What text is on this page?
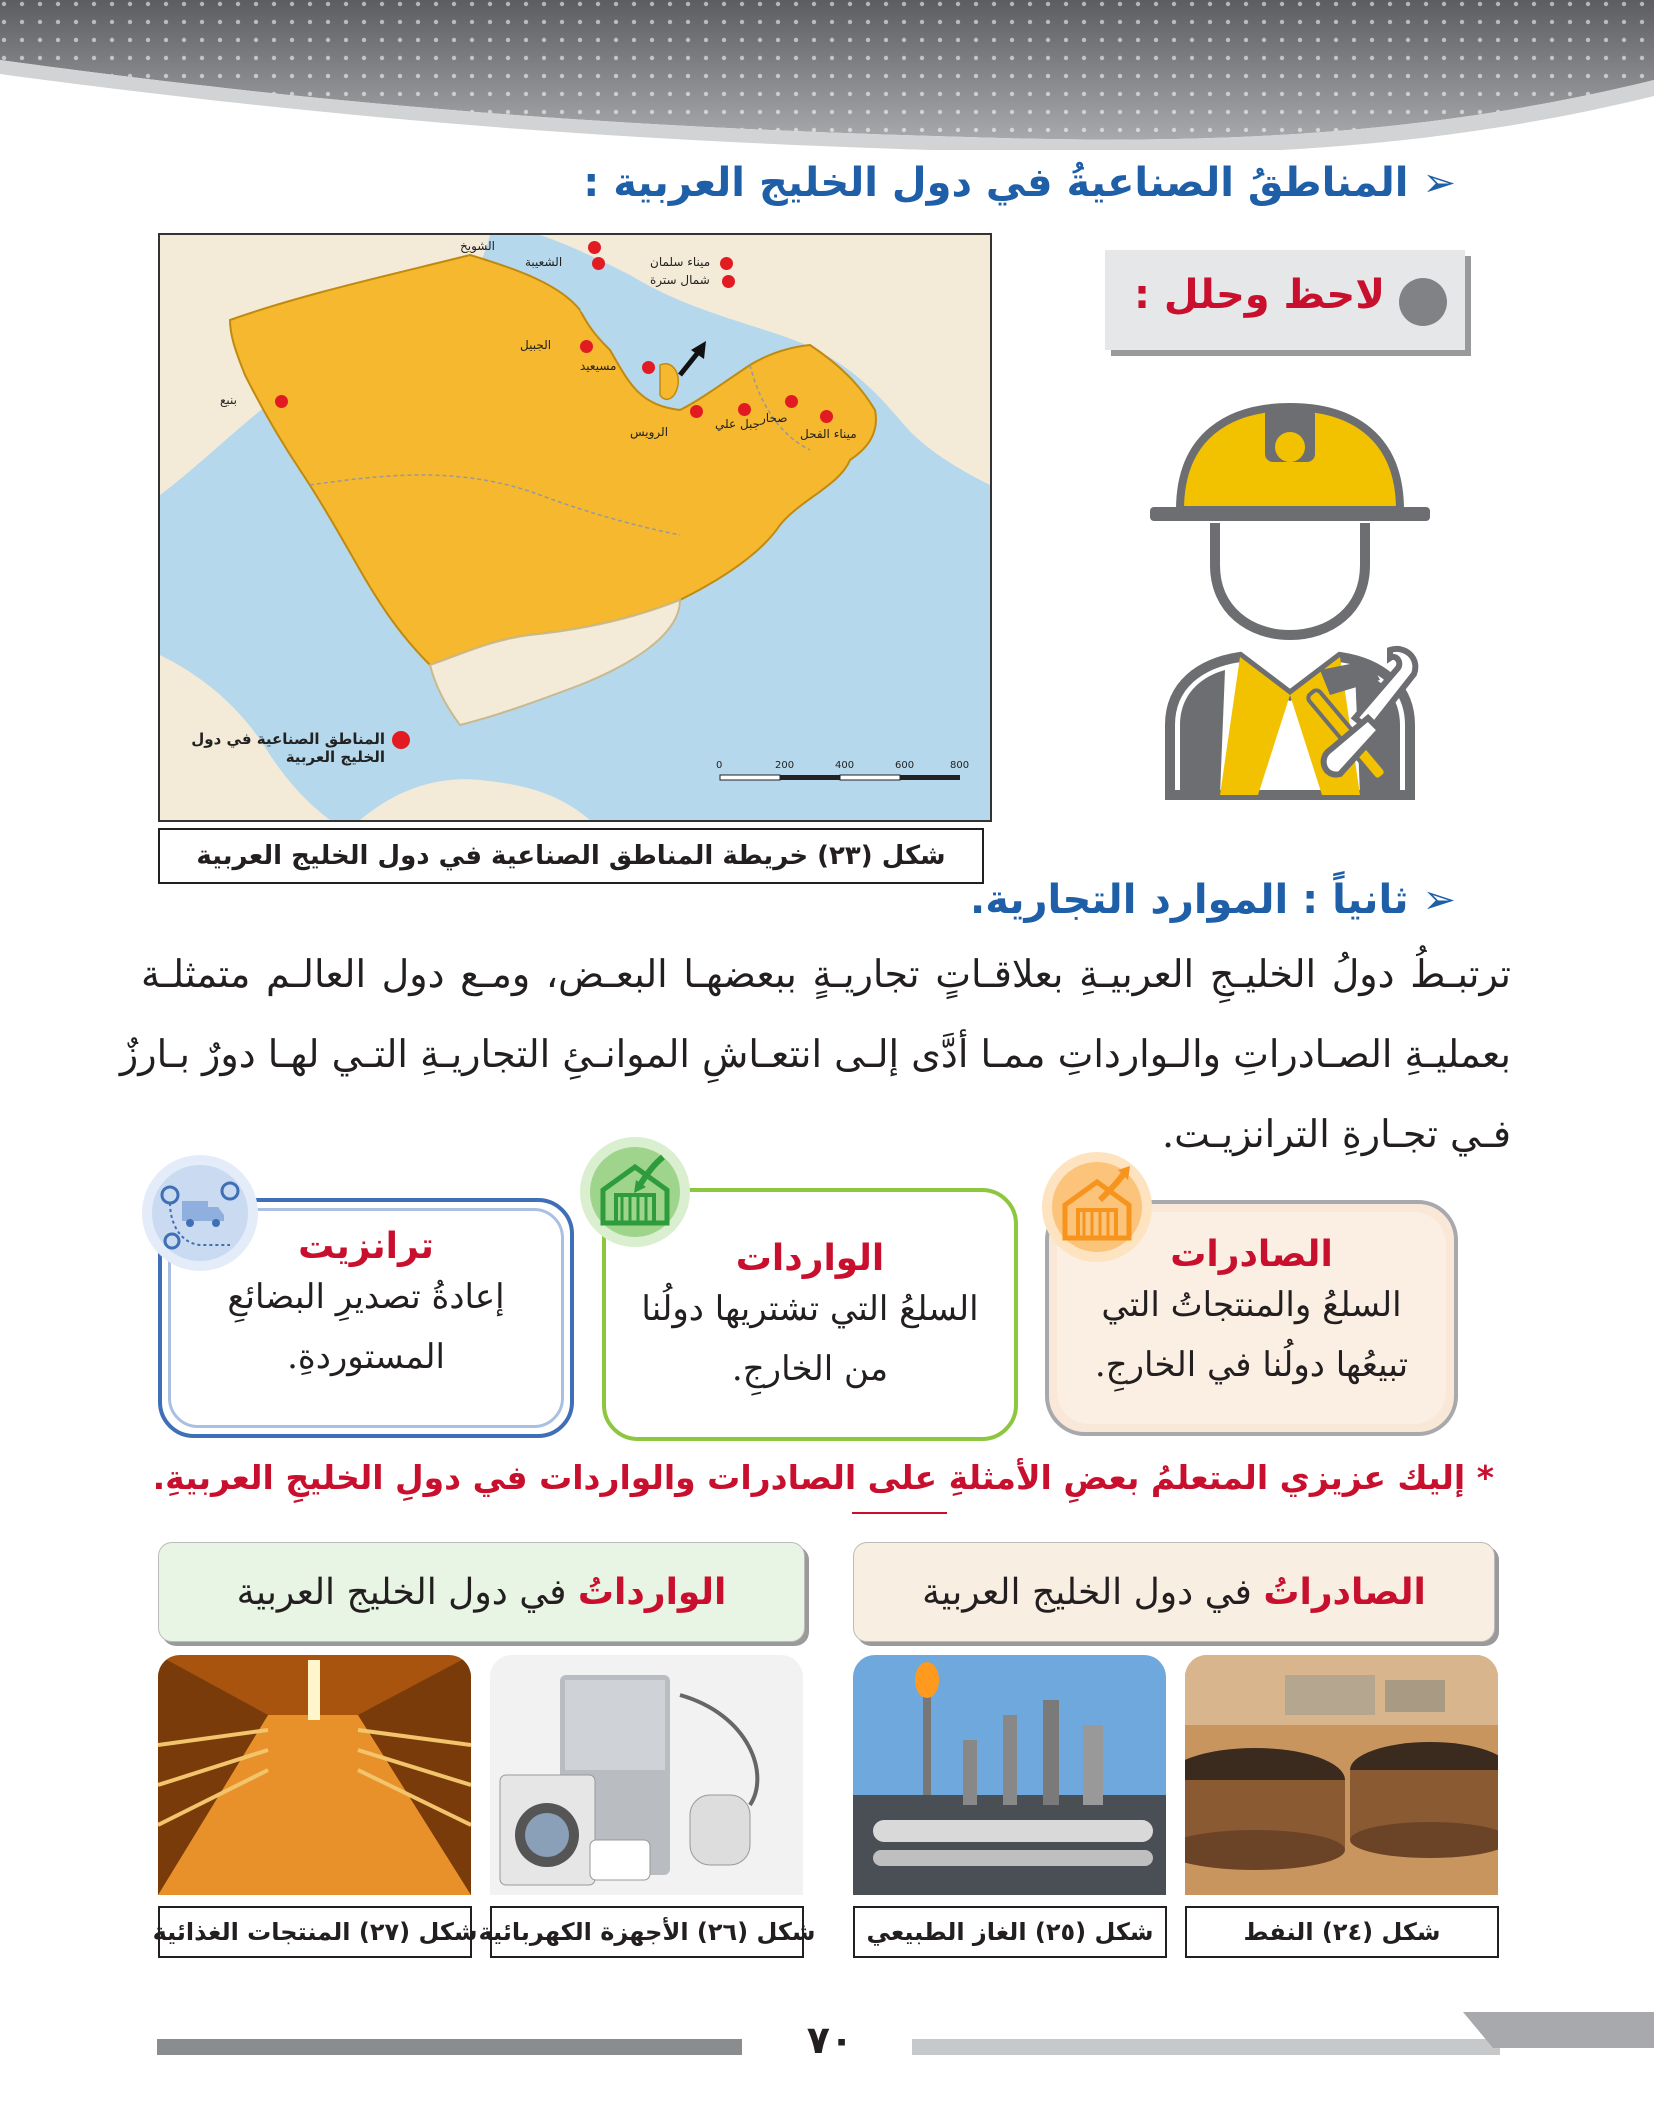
➢المناطقُ الصناعيةُ في دول الخليج العربية :
لاحظ وحلل :
الشويخ
الشعيبة	ميناء سلمان
شمال سترة
الجبيل
مسيعيد
بنبع
جبل علي
الرويس
صحار
ميناء الفحل
المناطق الصناعية في دول الخليج العربية	0	200	400	600	800
شكل (٢٣) خريطة المناطق الصناعية في دول الخليج العربية
➢ثانياً : الموارد التجارية.
ترتبـطُ دولُ الخليـجِ العربيـةِ بعلاقـاتٍ تجاريـةٍ ببعضهـا البعـض، ومـع دول العالـم متمثلـة
بعمليـةِ الصـادراتِ والـوارداتِ ممـا أدَّى إلـى انتعـاشِ الموانـئِ التجاريـةِ التـي لهـا دورٌ بـارزٌ
فـي تجـارةِ الترانزيـت.
الصادرات
السلعُ والمنتجاتُ التي
تبيعُها دولُنا في الخارجِ.
الواردات
السلعُ التي تشتريها دولُنا
من الخارجِ.
ترانزيت
إعادةُ تصديرِ البضائعِ
المستوردةِ.
* إليك عزيزي المتعلمُ بعضِ الأمثلةِ على الصادرات والواردات في دولِ الخليجِ العربيةِ.
الصادراتُ
في دول الخليج العربية
الوارداتُ
في دول الخليج العربية
شكل (٢٤) النفط
شكل (٢٥) الغاز الطبيعي
شكل (٢٦) الأجهزة الكهربائية
شكل (٢٧) المنتجات الغذائية
٧٠
